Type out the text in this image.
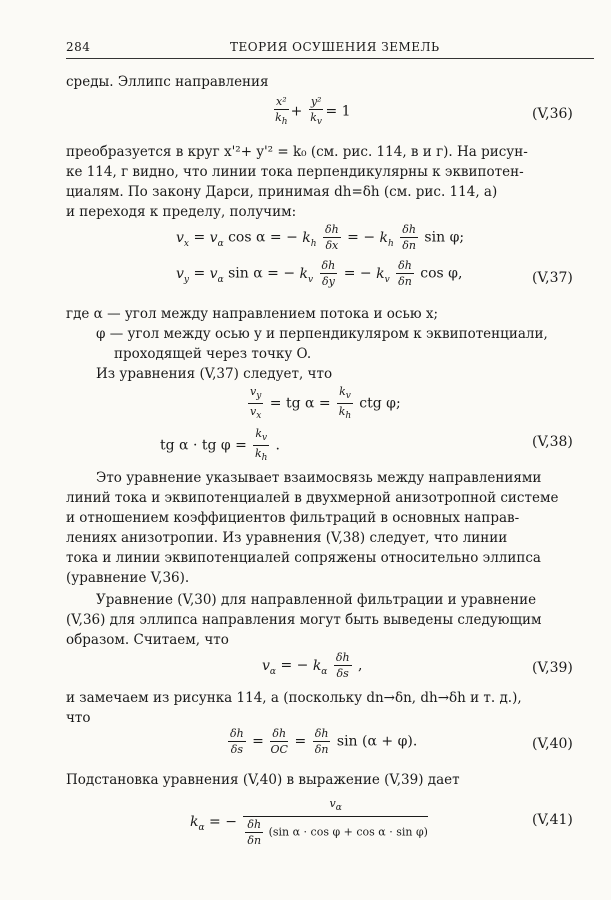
284	ТЕОРИЯ ОСУШЕНИЯ ЗЕМЕЛЬ
среды. Эллипс направления
$\frac{\text{x²}}{k_h} + \frac{\text{y²}}{k_v} = 1$	(V,36)
преобразуется в круг x'²+ y'² = k₀ (см. рис. 114, в и г). На рисун-
ке 114, г видно, что линии тока перпендикулярны к эквипотен-
циалям. По закону Дарси, принимая dh=δh (см. рис. 114, а)
и переходя к пределу, получим:
$v_x = v_\alpha$ cos α = − $k_h \frac{\delta h}{\delta x}$ = − $k_h \frac{\delta h}{\delta n}$ sin φ;
$v_y = v_\alpha$ sin α = − $k_v \frac{\delta h}{\delta y}$ = − $k_v \frac{\delta h}{\delta n}$ cos φ,	(V,37)
где α — угол между направлением потока и осью x;
φ — угол между осью y и перпендикуляром к эквипотенциали,
проходящей через точку O.
Из уравнения (V,37) следует, что
$\frac{v_y}{v_x}$ = tg $\alpha = \frac{k_v}{k_h}$ ctg φ;
tg α · tg $\varphi = \frac{k_v}{k_h}$ .	(V,38)
Это уравнение указывает взаимосвязь между направлениями
линий тока и эквипотенциалей в двухмерной анизотропной системе
и отношением коэффициентов фильтраций в основных направ-
лениях анизотропии. Из уравнения (V,38) следует, что линии
тока и линии эквипотенциалей сопряжены относительно эллипса
(уравнение V,36).
Уравнение (V,30) для направленной фильтрации и уравнение
(V,36) для эллипса направления могут быть выведены следующим
образом. Считаем, что
$v_\alpha$ = − $k_\alpha \frac{\delta h}{\delta s}$ ,	(V,39)
и замечаем из рисунка 114, а (поскольку dn→δn, dh→δh и т. д.),
что
$\frac{\delta h}{\delta s} = \frac{\delta h}{OC} = \frac{\delta h}{\delta n}$ sin (α + φ).	(V,40)
Подстановка уравнения (V,40) в выражение (V,39) дает
$k_\alpha$ = − $\frac{v_\alpha}{\frac{\delta h}{\delta n} (\sin \alpha \cdot \cos \varphi + \cos \alpha \cdot \sin \varphi)}$	(V,41)
